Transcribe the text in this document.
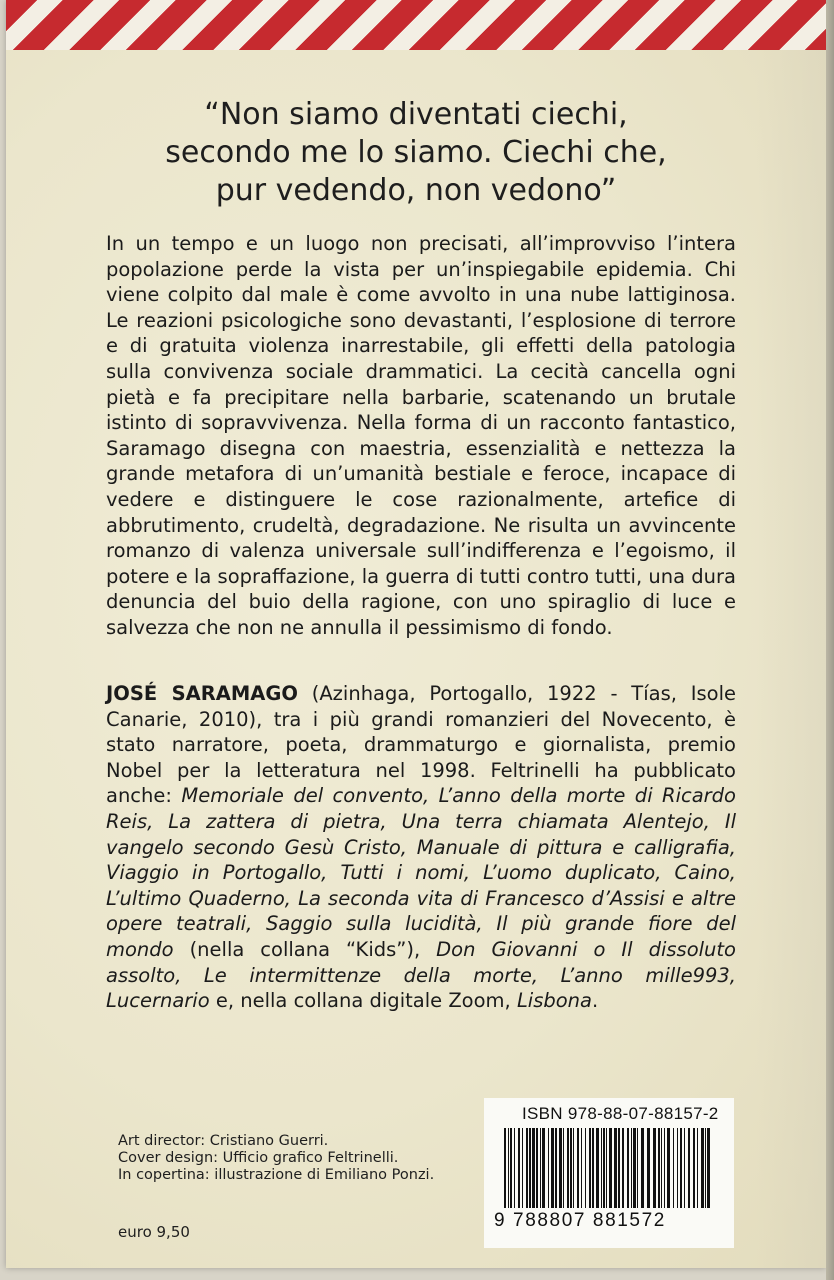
“Non siamo diventati ciechi,
secondo me lo siamo. Ciechi che,
pur vedendo, non vedono”
In un tempo e un luogo non precisati, all’improvviso l’intera popolazione perde la vista per un’inspiegabile epidemia. Chi viene colpito dal male è come avvolto in una nube lattiginosa. Le reazioni psicologiche sono devastanti, l’esplosione di terrore e di gratuita violenza inarrestabile, gli effetti della patologia sulla convivenza sociale drammatici. La cecità cancella ogni pietà e fa precipitare nella barbarie, scatenando un brutale istinto di sopravvivenza. Nella forma di un racconto fantastico, Saramago disegna con maestria, essenzialità e nettezza la grande metafora di un’umanità bestiale e feroce, incapace di vedere e distinguere le cose razionalmente, artefice di abbrutimento, crudeltà, degradazione. Ne risulta un avvincente romanzo di valenza universale sull’indifferenza e l’egoismo, il potere e la sopraffazione, la guerra di tutti contro tutti, una dura denuncia del buio della ragione, con uno spiraglio di luce e salvezza che non ne annulla il pessimismo di fondo.
JOSÉ SARAMAGO (Azinhaga, Portogallo, 1922 - Tías, Isole Canarie, 2010), tra i più grandi romanzieri del Novecento, è stato narratore, poeta, drammaturgo e giornalista, premio Nobel per la letteratura nel 1998. Feltrinelli ha pubblicato anche: Memoriale del convento, L’anno della morte di Ricardo Reis, La zattera di pietra, Una terra chiamata Alentejo, Il vangelo secondo Gesù Cristo, Manuale di pittura e calligrafia, Viaggio in Portogallo, Tutti i nomi, L’uomo duplicato, Caino, L’ultimo Quaderno, La seconda vita di Francesco d’Assisi e altre opere teatrali, Saggio sulla lucidità, Il più grande fiore del mondo (nella collana “Kids”), Don Giovanni o Il dissoluto assolto, Le intermittenze della morte, L’anno mille993, Lucernario e, nella collana digitale Zoom, Lisbona.
Art director: Cristiano Guerri.
Cover design: Ufficio grafico Feltrinelli.
In copertina: illustrazione di Emiliano Ponzi.
euro 9,50
ISBN 978-88-07-88157-2
9 788807 881572
